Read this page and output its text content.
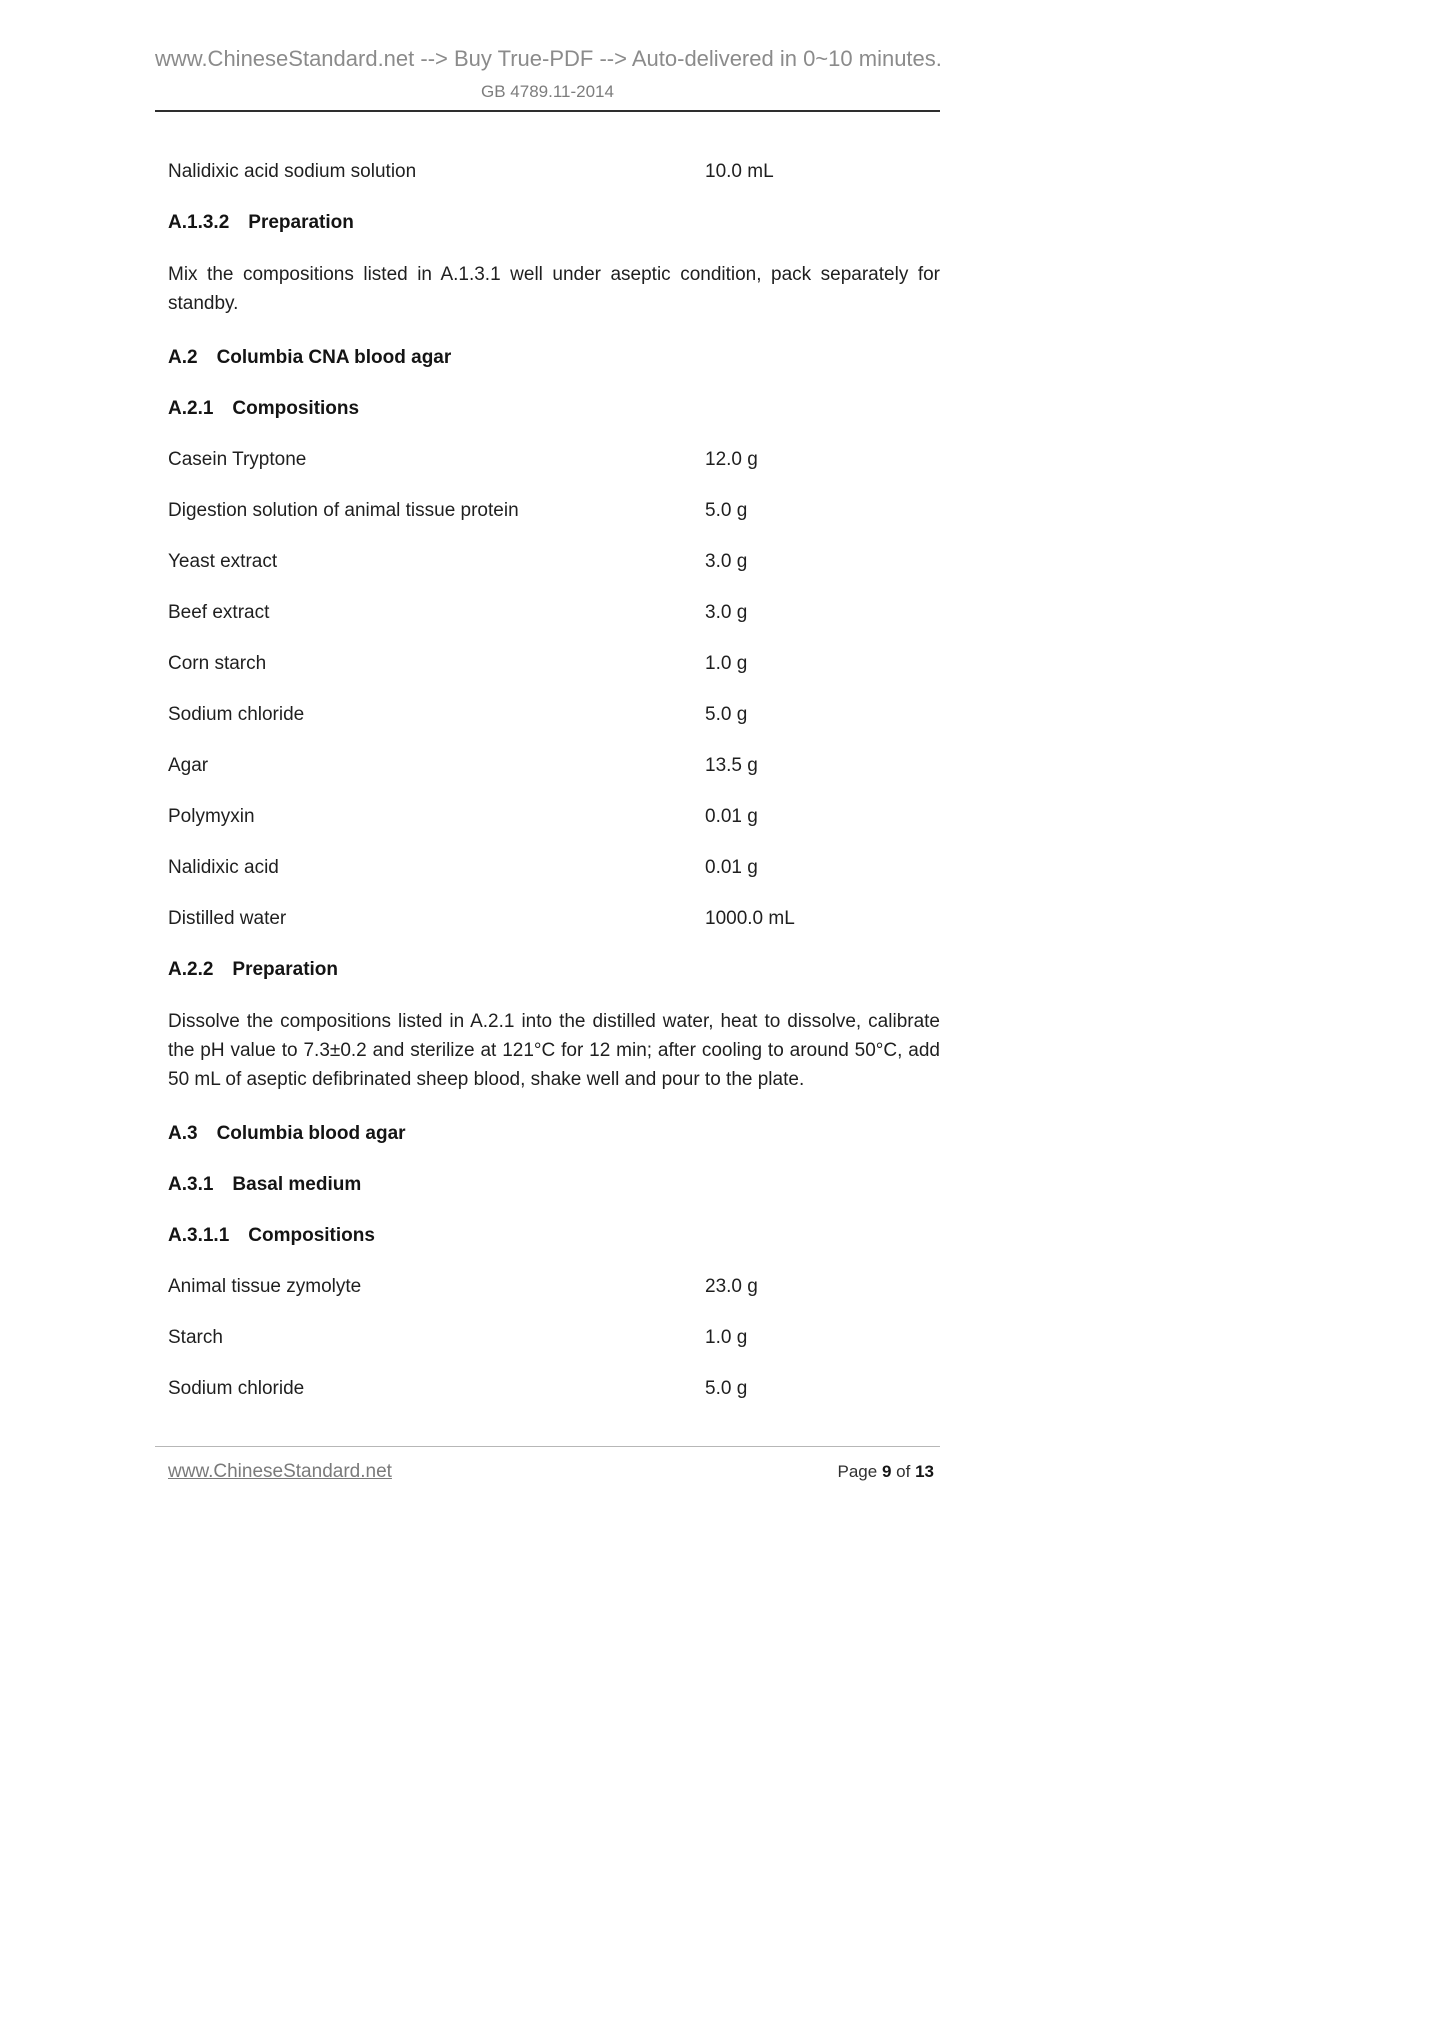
www.ChineseStandard.net --> Buy True-PDF --> Auto-delivered in 0~10 minutes.
GB 4789.11-2014
Nalidixic acid sodium solution	10.0 mL
A.1.3.2 Preparation

Mix the compositions listed in A.1.3.1 well under aseptic condition, pack separately for standby.

A.2 Columbia CNA blood agar
A.2.1 Compositions
Casein Tryptone	12.0 g
Digestion solution of animal tissue protein	5.0 g
Yeast extract	3.0 g
Beef extract	3.0 g
Corn starch	1.0 g
Sodium chloride	5.0 g
Agar	13.5 g
Polymyxin	0.01 g
Nalidixic acid	0.01 g
Distilled water	1000.0 mL
A.2.2 Preparation

Dissolve the compositions listed in A.2.1 into the distilled water, heat to dissolve, calibrate the pH value to 7.3±0.2 and sterilize at 121°C for 12 min; after cooling to around 50°C, add 50 mL of aseptic defibrinated sheep blood, shake well and pour to the plate.

A.3 Columbia blood agar
A.3.1 Basal medium
A.3.1.1 Compositions
Animal tissue zymolyte	23.0 g
Starch	1.0 g
Sodium chloride	5.0 g
www.ChineseStandard.net	Page 9 of 13
